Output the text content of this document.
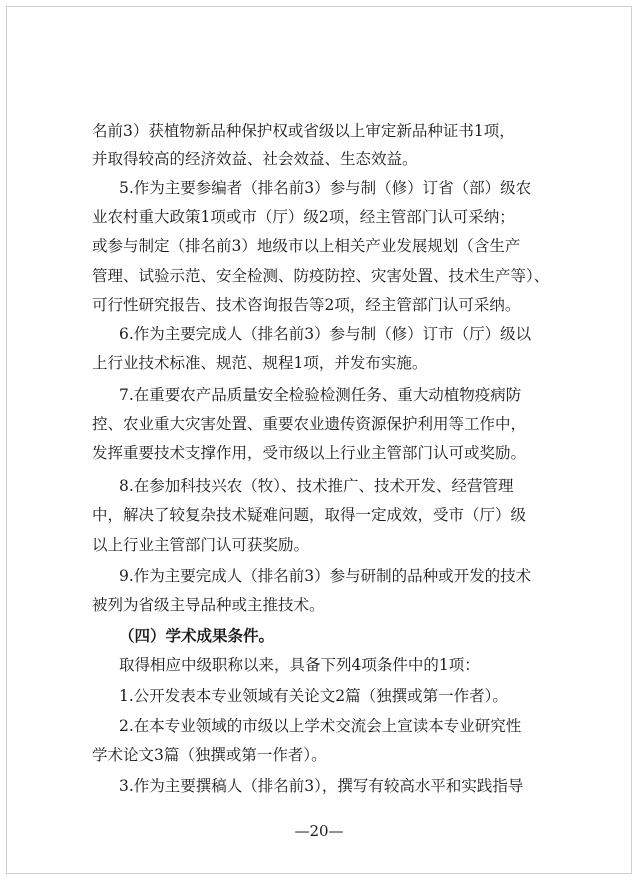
名前3）获植物新品种保护权或省级以上审定新品种证书1项，
并取得较高的经济效益、社会效益、生态效益。
5.作为主要参编者（排名前3）参与制（修）订省（部）级农
业农村重大政策1项或市（厅）级2项，经主管部门认可采纳；
或参与制定（排名前3）地级市以上相关产业发展规划（含生产
管理、试验示范、安全检测、防疫防控、灾害处置、技术生产等）、
可行性研究报告、技术咨询报告等2项，经主管部门认可采纳。
6.作为主要完成人（排名前3）参与制（修）订市（厅）级以
上行业技术标准、规范、规程1项，并发布实施。
7.在重要农产品质量安全检验检测任务、重大动植物疫病防
控、农业重大灾害处置、重要农业遗传资源保护利用等工作中，
发挥重要技术支撑作用，受市级以上行业主管部门认可或奖励。
8.在参加科技兴农（牧）、技术推广、技术开发、经营管理
中，解决了较复杂技术疑难问题，取得一定成效，受市（厅）级
以上行业主管部门认可获奖励。
9.作为主要完成人（排名前3）参与研制的品种或开发的技术
被列为省级主导品种或主推技术。
（四）学术成果条件。
取得相应中级职称以来，具备下列4项条件中的1项：
1.公开发表本专业领域有关论文2篇（独撰或第一作者）。
2.在本专业领域的市级以上学术交流会上宣读本专业研究性
学术论文3篇（独撰或第一作者）。
3.作为主要撰稿人（排名前3），撰写有较高水平和实践指导
—20—
